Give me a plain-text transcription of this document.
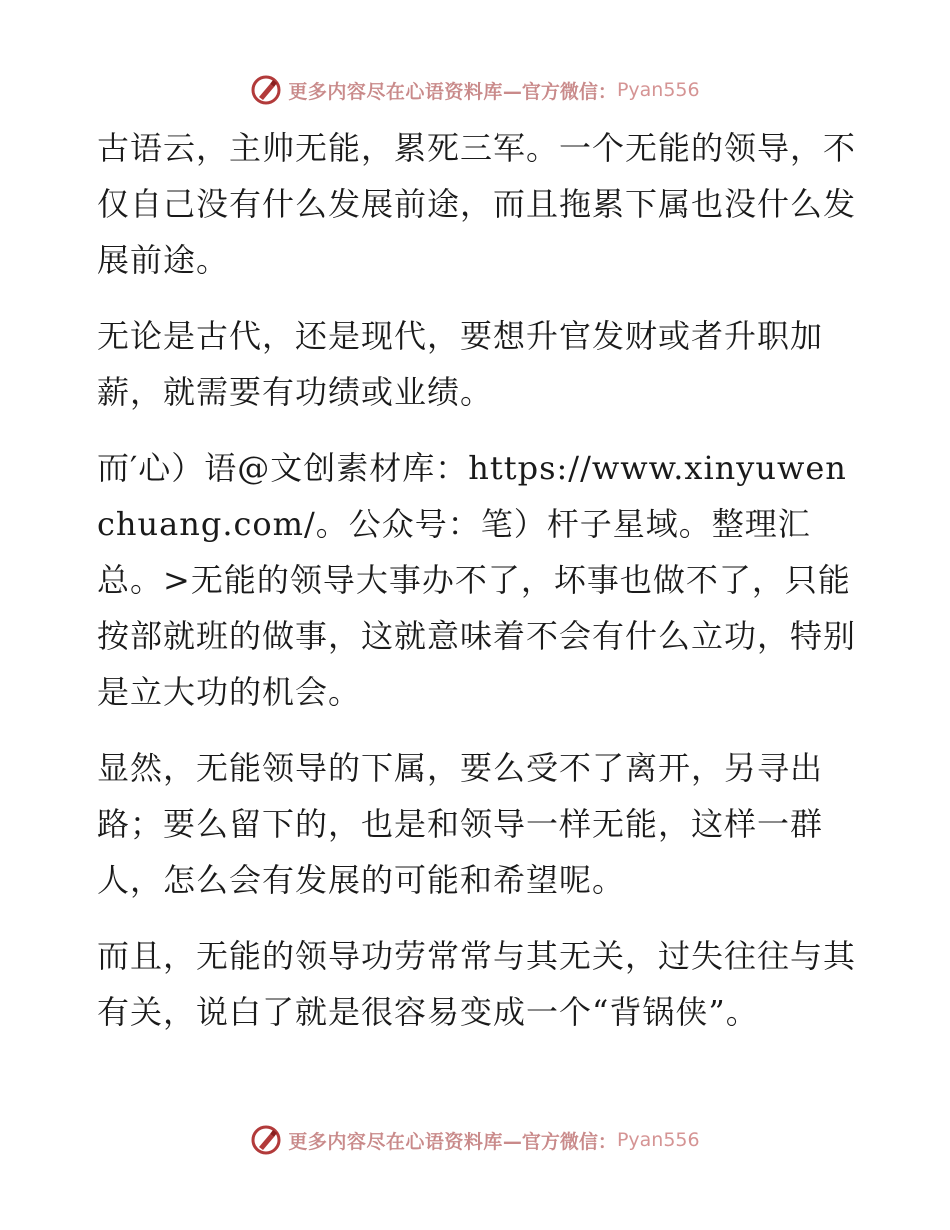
更多内容尽在心语资料库 —官方微信： Pyan556

古语云，主帅无能，累死三军。一个无能的领导，不仅自己没有什么发展前途，而且拖累下属也没什么发展前途。

无论是古代，还是现代，要想升官发财或者升职加薪，就需要有功绩或业绩。

而′心）语@文创素材库：https://www.xinyuwenchuang.com/。公众号：笔）杆子星域。整理汇总。>无能的领导大事办不了，坏事也做不了，只能按部就班的做事，这就意味着不会有什么立功，特别是立大功的机会。

显然，无能领导的下属，要么受不了离开，另寻出路；要么留下的，也是和领导一样无能，这样一群人，怎么会有发展的可能和希望呢。

而且，无能的领导功劳常常与其无关，过失往往与其有关，说白了就是很容易变成一个“背锅侠”。

更多内容尽在心语资料库 —官方微信： Pyan556
